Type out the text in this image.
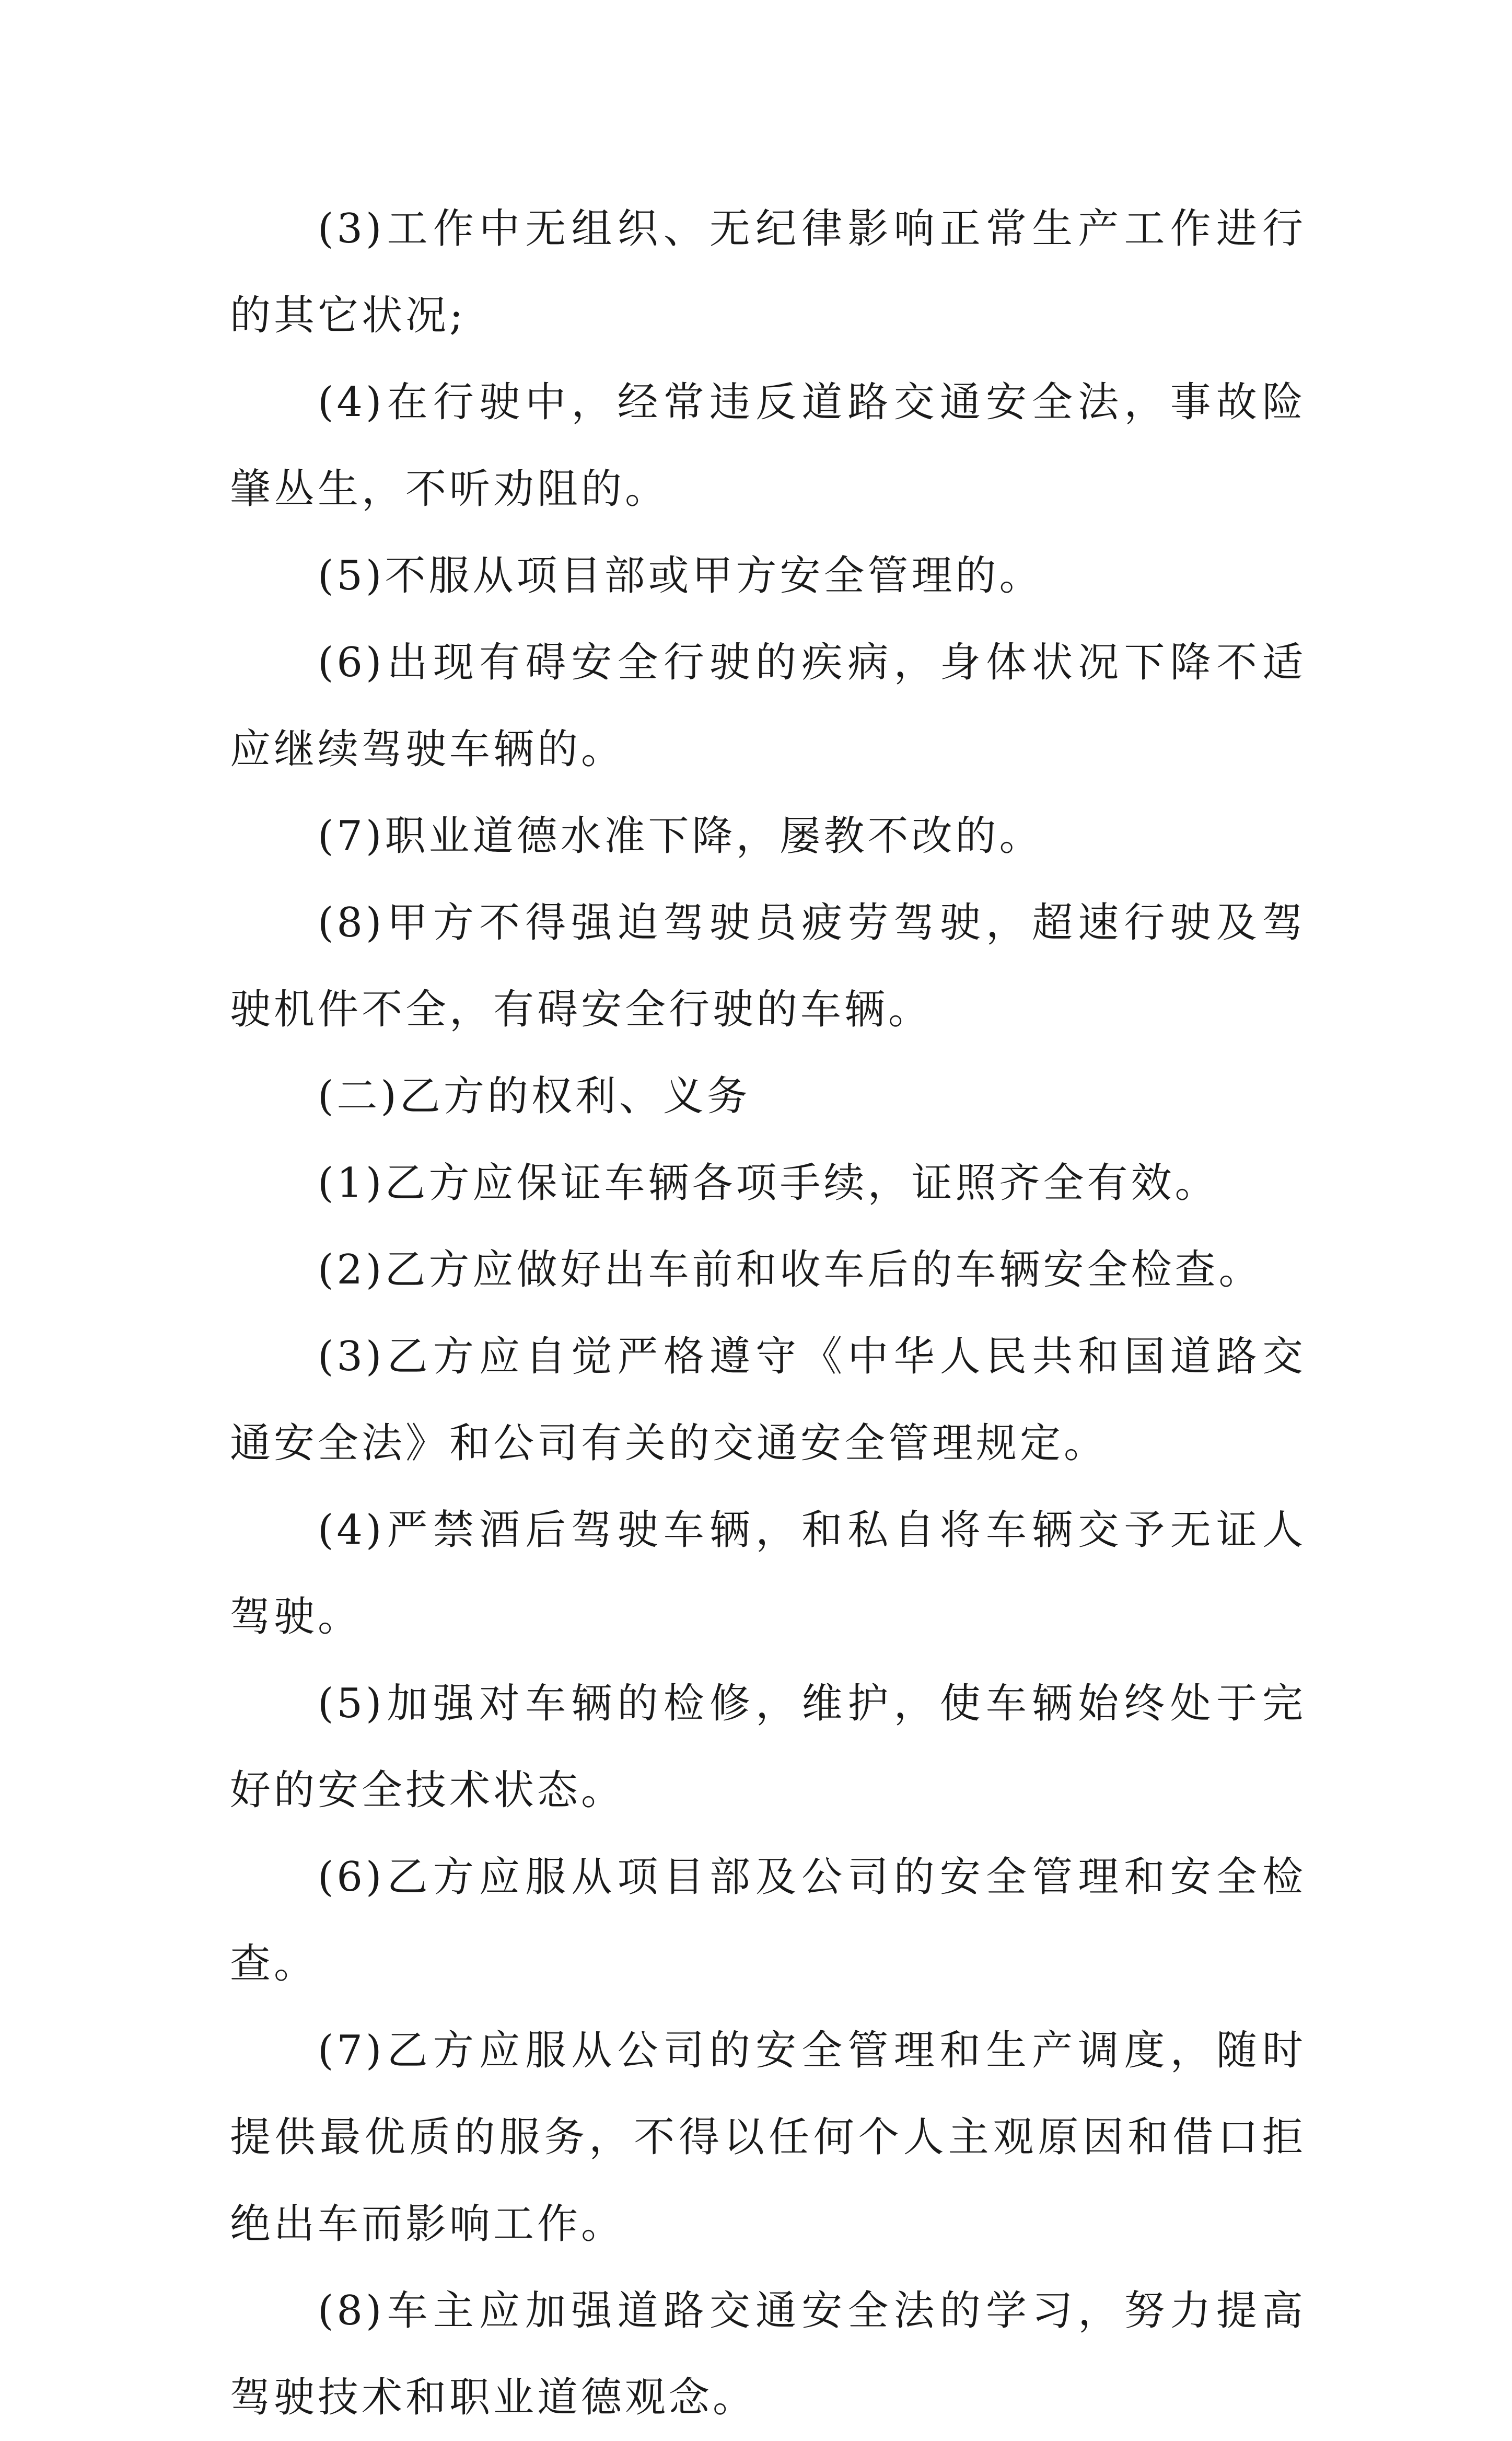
(3)工作中无组织、无纪律影响正常生产工作进行的其它状况;

(4)在行驶中，经常违反道路交通安全法，事故险肇丛生，不听劝阻的。

(5)不服从项目部或甲方安全管理的。

(6)出现有碍安全行驶的疾病，身体状况下降不适应继续驾驶车辆的。

(7)职业道德水准下降，屡教不改的。

(8)甲方不得强迫驾驶员疲劳驾驶，超速行驶及驾驶机件不全，有碍安全行驶的车辆。

(二)乙方的权利、义务

(1)乙方应保证车辆各项手续，证照齐全有效。

(2)乙方应做好出车前和收车后的车辆安全检查。

(3)乙方应自觉严格遵守《中华人民共和国道路交通安全法》和公司有关的交通安全管理规定。

(4)严禁酒后驾驶车辆，和私自将车辆交予无证人驾驶。

(5)加强对车辆的检修，维护，使车辆始终处于完好的安全技术状态。

(6)乙方应服从项目部及公司的安全管理和安全检查。

(7)乙方应服从公司的安全管理和生产调度，随时提供最优质的服务，不得以任何个人主观原因和借口拒绝出车而影响工作。

(8)车主应加强道路交通安全法的学习，努力提高驾驶技术和职业道德观念。
